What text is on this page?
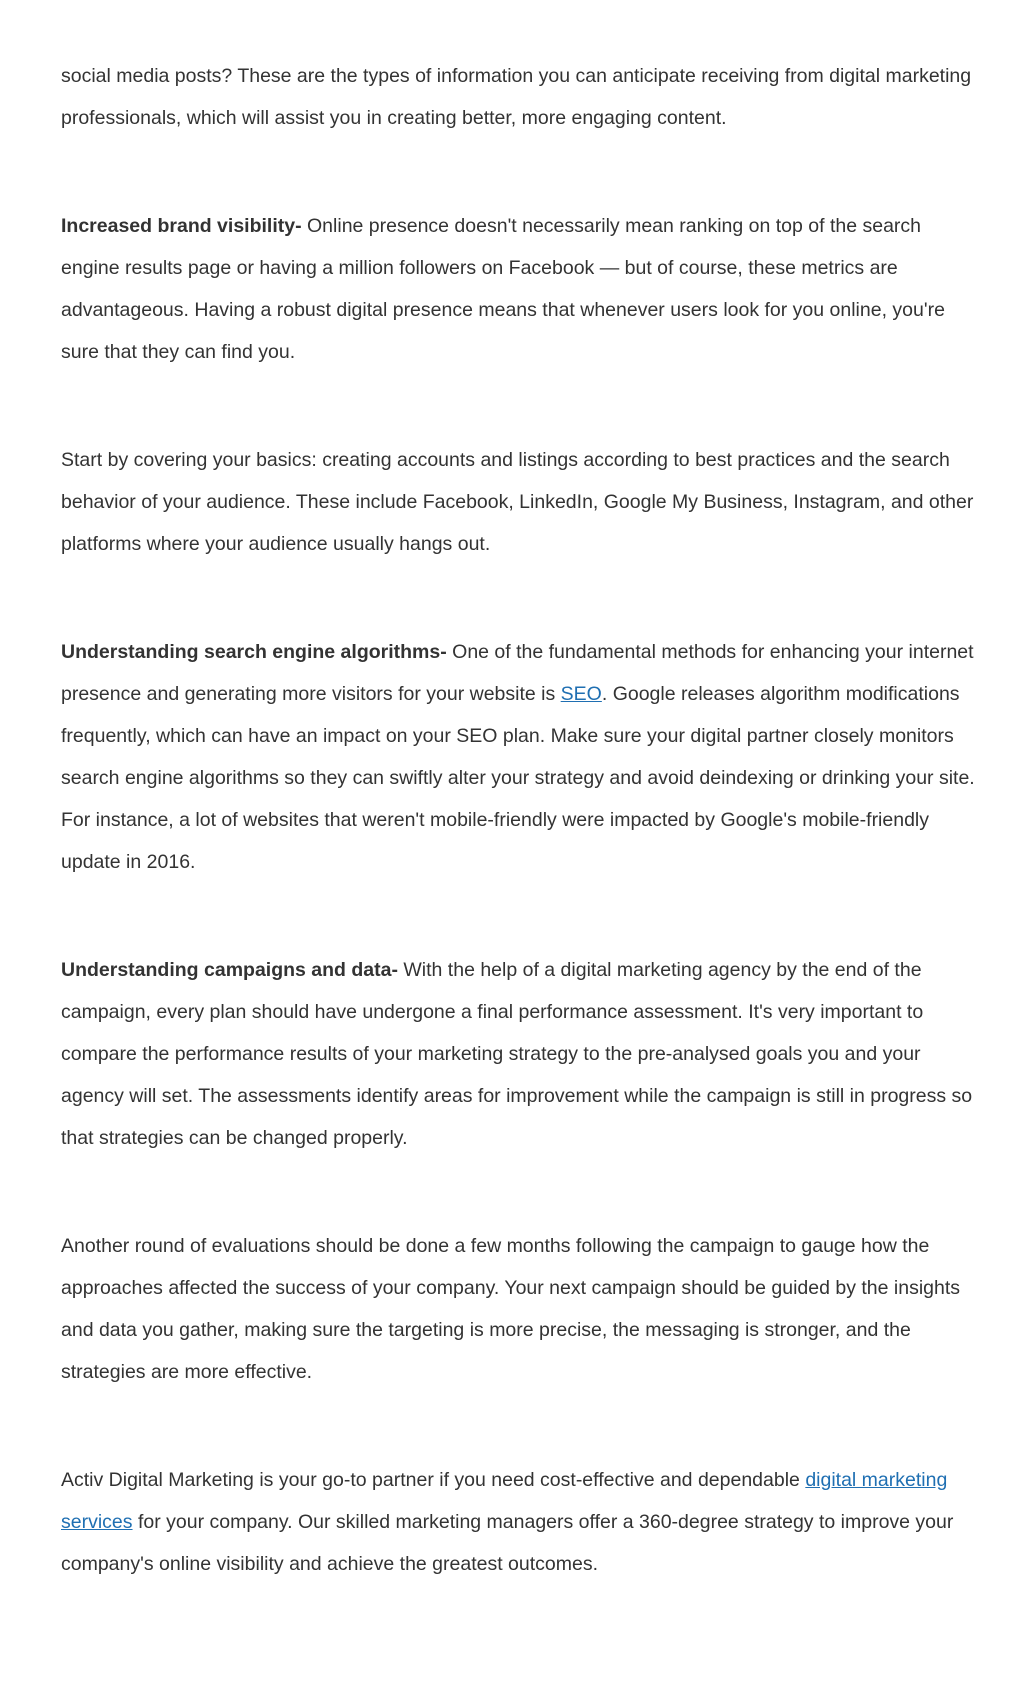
social media posts? These are the types of information you can anticipate receiving from digital marketing professionals, which will assist you in creating better, more engaging content.

Increased brand visibility- Online presence doesn't necessarily mean ranking on top of the search engine results page or having a million followers on Facebook — but of course, these metrics are advantageous. Having a robust digital presence means that whenever users look for you online, you're sure that they can find you.

Start by covering your basics: creating accounts and listings according to best practices and the search behavior of your audience. These include Facebook, LinkedIn, Google My Business, Instagram, and other platforms where your audience usually hangs out.

Understanding search engine algorithms- One of the fundamental methods for enhancing your internet presence and generating more visitors for your website is SEO. Google releases algorithm modifications frequently, which can have an impact on your SEO plan. Make sure your digital partner closely monitors search engine algorithms so they can swiftly alter your strategy and avoid deindexing or drinking your site. For instance, a lot of websites that weren't mobile-friendly were impacted by Google's mobile-friendly update in 2016.

Understanding campaigns and data- With the help of a digital marketing agency by the end of the campaign, every plan should have undergone a final performance assessment. It's very important to compare the performance results of your marketing strategy to the pre-analysed goals you and your agency will set. The assessments identify areas for improvement while the campaign is still in progress so that strategies can be changed properly.

Another round of evaluations should be done a few months following the campaign to gauge how the approaches affected the success of your company. Your next campaign should be guided by the insights and data you gather, making sure the targeting is more precise, the messaging is stronger, and the strategies are more effective.

Activ Digital Marketing is your go-to partner if you need cost-effective and dependable digital marketing services for your company. Our skilled marketing managers offer a 360-degree strategy to improve your company's online visibility and achieve the greatest outcomes.
